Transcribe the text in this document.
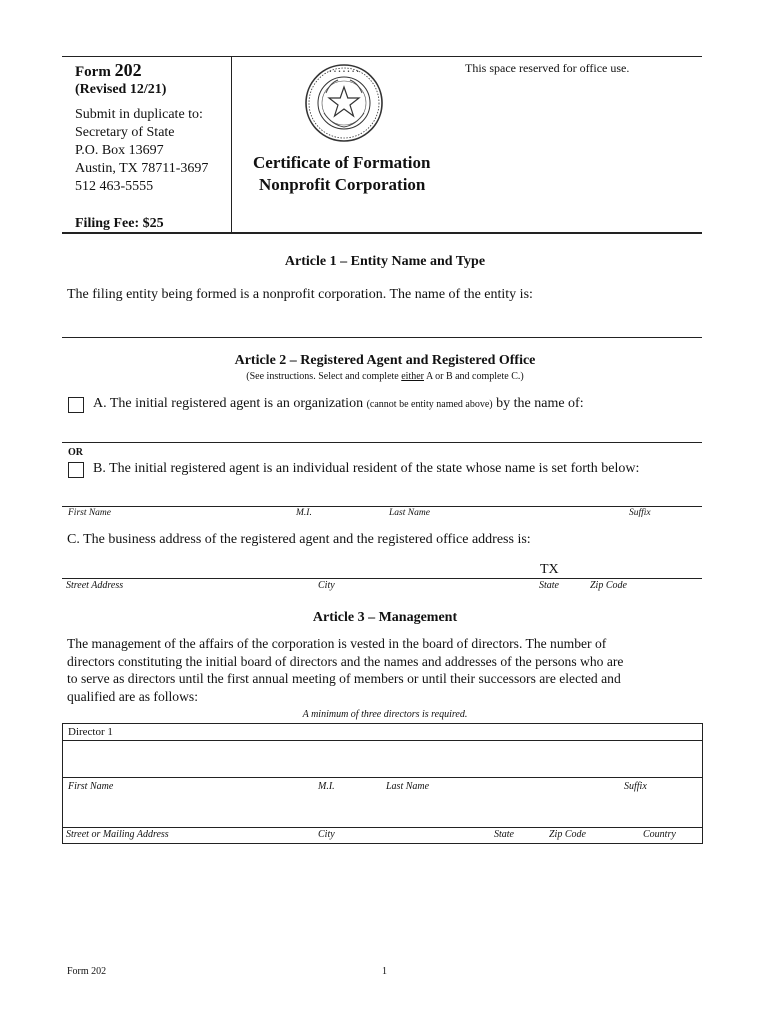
Form 202
(Revised 12/21)
Submit in duplicate to:
Secretary of State
P.O. Box 13697
Austin, TX 78711-3697
512 463-5555
Filing Fee: $25
This space reserved for office use.
• • • • • • •
Certificate of Formation
Nonprofit Corporation
Article 1 – Entity Name and Type
The filing entity being formed is a nonprofit corporation. The name of the entity is:
Article 2 – Registered Agent and Registered Office
(See instructions. Select and complete either A or B and complete C.)
A. The initial registered agent is an organization (cannot be entity named above) by the name of:
OR
B. The initial registered agent is an individual resident of the state whose name is set forth below:
First Name	M.I.	Last Name	Suffix
C. The business address of the registered agent and the registered office address is:
TX
Street Address	City	State	Zip Code
Article 3 – Management
The management of the affairs of the corporation is vested in the board of directors. The number of
directors constituting the initial board of directors and the names and addresses of the persons who are
to serve as directors until the first annual meeting of members or until their successors are elected and
qualified are as follows:
A minimum of three directors is required.
Director 1
First Name	M.I.	Last Name	Suffix
Street or Mailing Address	City	State	Zip Code	Country
Form 202	1
